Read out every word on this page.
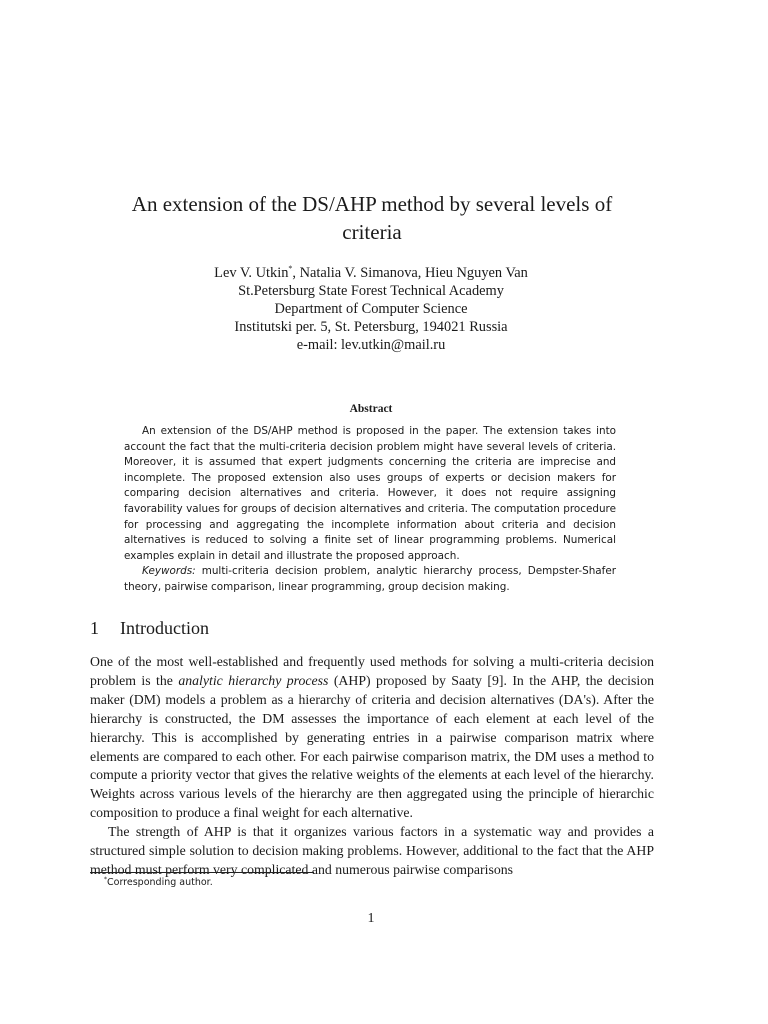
An extension of the DS/AHP method by several levels of criteria
Lev V. Utkin*, Natalia V. Simanova, Hieu Nguyen Van
St.Petersburg State Forest Technical Academy
Department of Computer Science
Institutski per. 5, St. Petersburg, 194021 Russia
e-mail: lev.utkin@mail.ru
Abstract

An extension of the DS/AHP method is proposed in the paper. The extension takes into account the fact that the multi-criteria decision problem might have several levels of criteria. Moreover, it is assumed that expert judgments concerning the criteria are imprecise and incomplete. The proposed extension also uses groups of experts or decision makers for comparing decision alternatives and criteria. However, it does not require assigning favorability values for groups of decision alternatives and criteria. The computation procedure for processing and aggregating the incomplete information about criteria and decision alternatives is reduced to solving a finite set of linear programming problems. Numerical examples explain in detail and illustrate the proposed approach.

Keywords: multi-criteria decision problem, analytic hierarchy process, Dempster-Shafer theory, pairwise comparison, linear programming, group decision making.

1 Introduction

One of the most well-established and frequently used methods for solving a multi-criteria decision problem is the analytic hierarchy process (AHP) proposed by Saaty [9]. In the AHP, the decision maker (DM) models a problem as a hierarchy of criteria and decision alternatives (DA's). After the hierarchy is constructed, the DM assesses the importance of each element at each level of the hierarchy. This is accomplished by generating entries in a pairwise comparison matrix where elements are compared to each other. For each pairwise comparison matrix, the DM uses a method to compute a priority vector that gives the relative weights of the elements at each level of the hierarchy. Weights across various levels of the hierarchy are then aggregated using the principle of hierarchic composition to produce a final weight for each alternative.

The strength of AHP is that it organizes various factors in a systematic way and provides a structured simple solution to decision making problems. However, additional to the fact that the AHP method must perform very complicated and numerous pairwise comparisons

*Corresponding author.
1
